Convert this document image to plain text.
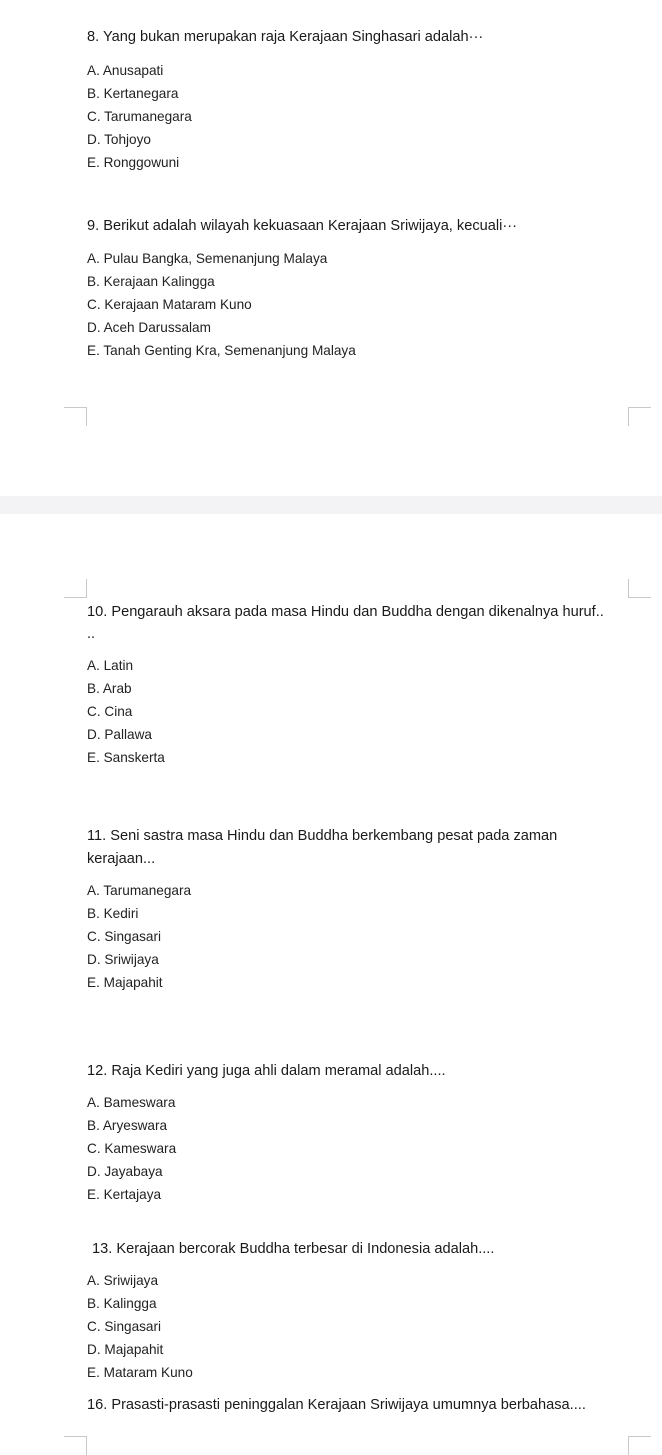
8. Yang bukan merupakan raja Kerajaan Singhasari adalah···

A. Anusapati

B. Kertanegara

C. Tarumanegara

D. Tohjoyo

E. Ronggowuni

9. Berikut adalah wilayah kekuasaan Kerajaan Sriwijaya, kecuali···

A. Pulau Bangka, Semenanjung Malaya

B. Kerajaan Kalingga

C. Kerajaan Mataram Kuno

D. Aceh Darussalam

E. Tanah Genting Kra, Semenanjung Malaya

10. Pengarauh aksara pada masa Hindu dan Buddha dengan dikenalnya huruf..

..

A. Latin

B. Arab

C. Cina

D. Pallawa

E. Sanskerta

11. Seni sastra masa Hindu dan Buddha berkembang pesat pada zaman

kerajaan...

A. Tarumanegara

B. Kediri

C. Singasari

D. Sriwijaya

E. Majapahit

12. Raja Kediri yang juga ahli dalam meramal adalah....

A. Bameswara

B. Aryeswara

C. Kameswara

D. Jayabaya

E. Kertajaya

13. Kerajaan bercorak Buddha terbesar di Indonesia adalah....

A. Sriwijaya

B. Kalingga

C. Singasari

D. Majapahit

E. Mataram Kuno

16. Prasasti-prasasti peninggalan Kerajaan Sriwijaya umumnya berbahasa....
